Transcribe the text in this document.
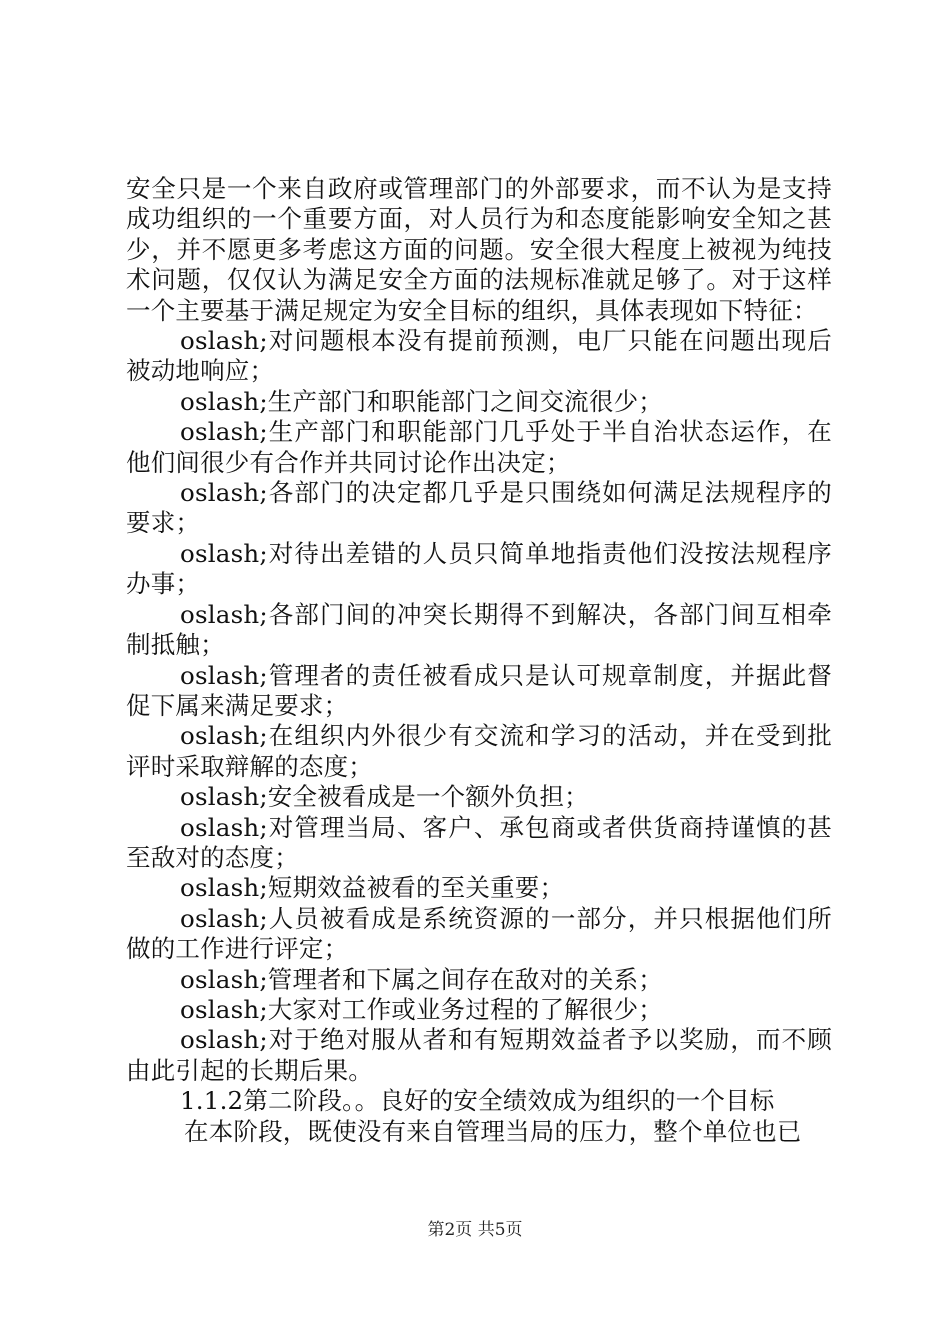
安全只是一个来自政府或管理部门的外部要求，而不认为是支持成功组织的一个重要方面，对人员行为和态度能影响安全知之甚少，并不愿更多考虑这方面的问题。安全很大程度上被视为纯技术问题，仅仅认为满足安全方面的法规标准就足够了。对于这样一个主要基于满足规定为安全目标的组织，具体表现如下特征：

oslash;对问题根本没有提前预测，电厂只能在问题出现后被动地响应；

oslash;生产部门和职能部门之间交流很少；

oslash;生产部门和职能部门几乎处于半自治状态运作，在他们间很少有合作并共同讨论作出决定；

oslash;各部门的决定都几乎是只围绕如何满足法规程序的要求；

oslash;对待出差错的人员只简单地指责他们没按法规程序办事；

oslash;各部门间的冲突长期得不到解决，各部门间互相牵制抵触；

oslash;管理者的责任被看成只是认可规章制度，并据此督促下属来满足要求；

oslash;在组织内外很少有交流和学习的活动，并在受到批评时采取辩解的态度；

oslash;安全被看成是一个额外负担；

oslash;对管理当局、客户、承包商或者供货商持谨慎的甚至敌对的态度；

oslash;短期效益被看的至关重要；

oslash;人员被看成是系统资源的一部分，并只根据他们所做的工作进行评定；

oslash;管理者和下属之间存在敌对的关系；

oslash;大家对工作或业务过程的了解很少；

oslash;对于绝对服从者和有短期效益者予以奖励，而不顾由此引起的长期后果。

1.1.2第二阶段。。良好的安全绩效成为组织的一个目标

在本阶段，既使没有来自管理当局的压力，整个单位也已

第2页 共5页
